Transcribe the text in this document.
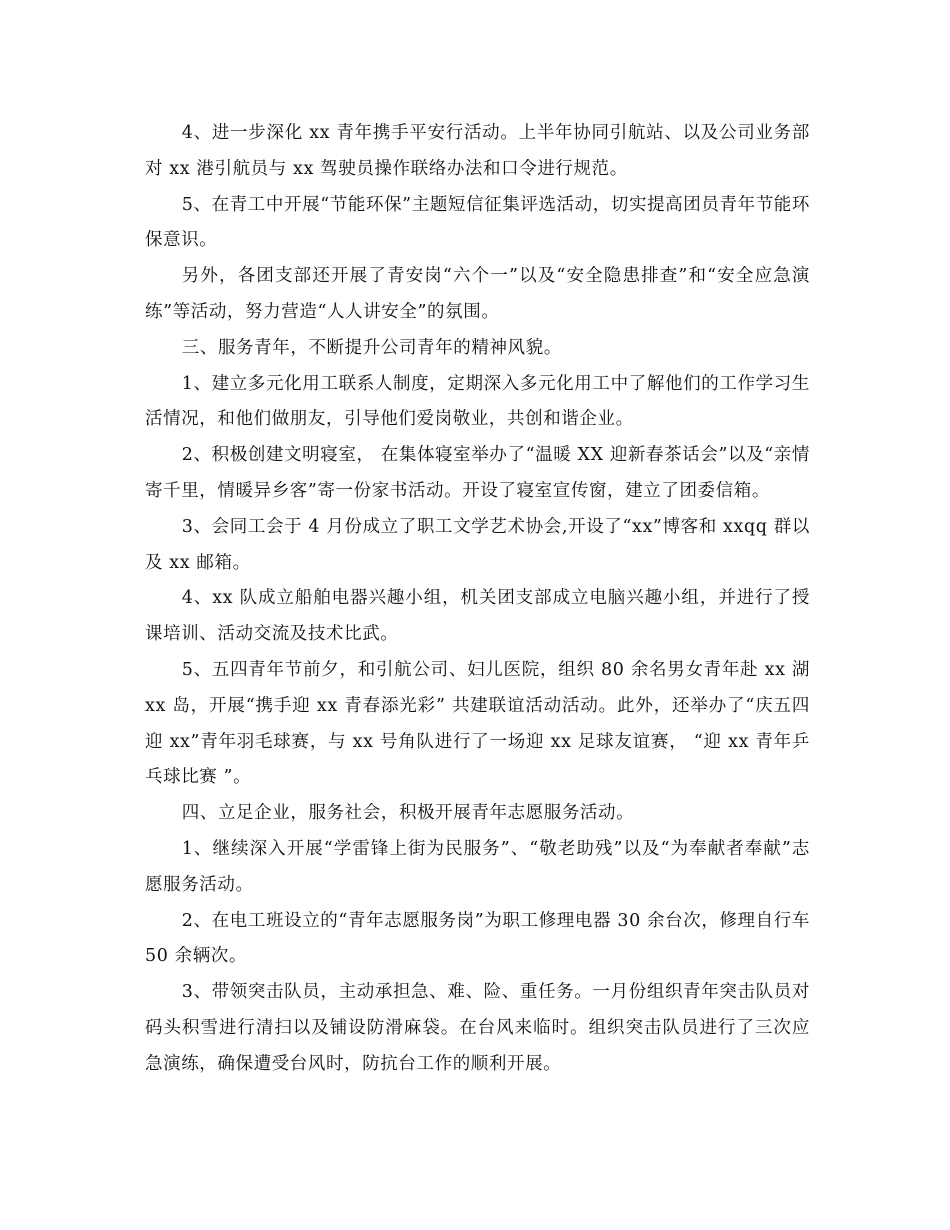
4、进一步深化 xx 青年携手平安行活动。上半年协同引航站、以及公司业务部对 xx 港引航员与 xx 驾驶员操作联络办法和口令进行规范。

5、在青工中开展“节能环保”主题短信征集评选活动，切实提高团员青年节能环保意识。

另外，各团支部还开展了青安岗“六个一”以及“安全隐患排查”和“安全应急演练”等活动，努力营造“人人讲安全”的氛围。

三、服务青年，不断提升公司青年的精神风貌。

1、建立多元化用工联系人制度，定期深入多元化用工中了解他们的工作学习生活情况，和他们做朋友，引导他们爱岗敬业，共创和谐企业。

2、积极创建文明寝室， 在集体寝室举办了“温暖 XX 迎新春茶话会”以及“亲情寄千里，情暖异乡客”寄一份家书活动。开设了寝室宣传窗，建立了团委信箱。

3、会同工会于 4 月份成立了职工文学艺术协会,开设了“xx”博客和 xxqq 群以及 xx 邮箱。

4、xx 队成立船舶电器兴趣小组，机关团支部成立电脑兴趣小组，并进行了授课培训、活动交流及技术比武。

5、五四青年节前夕，和引航公司、妇儿医院，组织 80 余名男女青年赴 xx 湖 xx 岛，开展“携手迎 xx 青春添光彩” 共建联谊活动活动。此外，还举办了“庆五四迎 xx”青年羽毛球赛，与 xx 号角队进行了一场迎 xx 足球友谊赛， “迎 xx 青年乒乓球比赛 ”。

四、立足企业，服务社会，积极开展青年志愿服务活动。

1、继续深入开展“学雷锋上街为民服务”、“敬老助残”以及“为奉献者奉献”志愿服务活动。

2、在电工班设立的“青年志愿服务岗”为职工修理电器 30 余台次，修理自行车 50 余辆次。

3、带领突击队员，主动承担急、难、险、重任务。一月份组织青年突击队员对码头积雪进行清扫以及铺设防滑麻袋。在台风来临时。组织突击队员进行了三次应急演练，确保遭受台风时，防抗台工作的顺利开展。
